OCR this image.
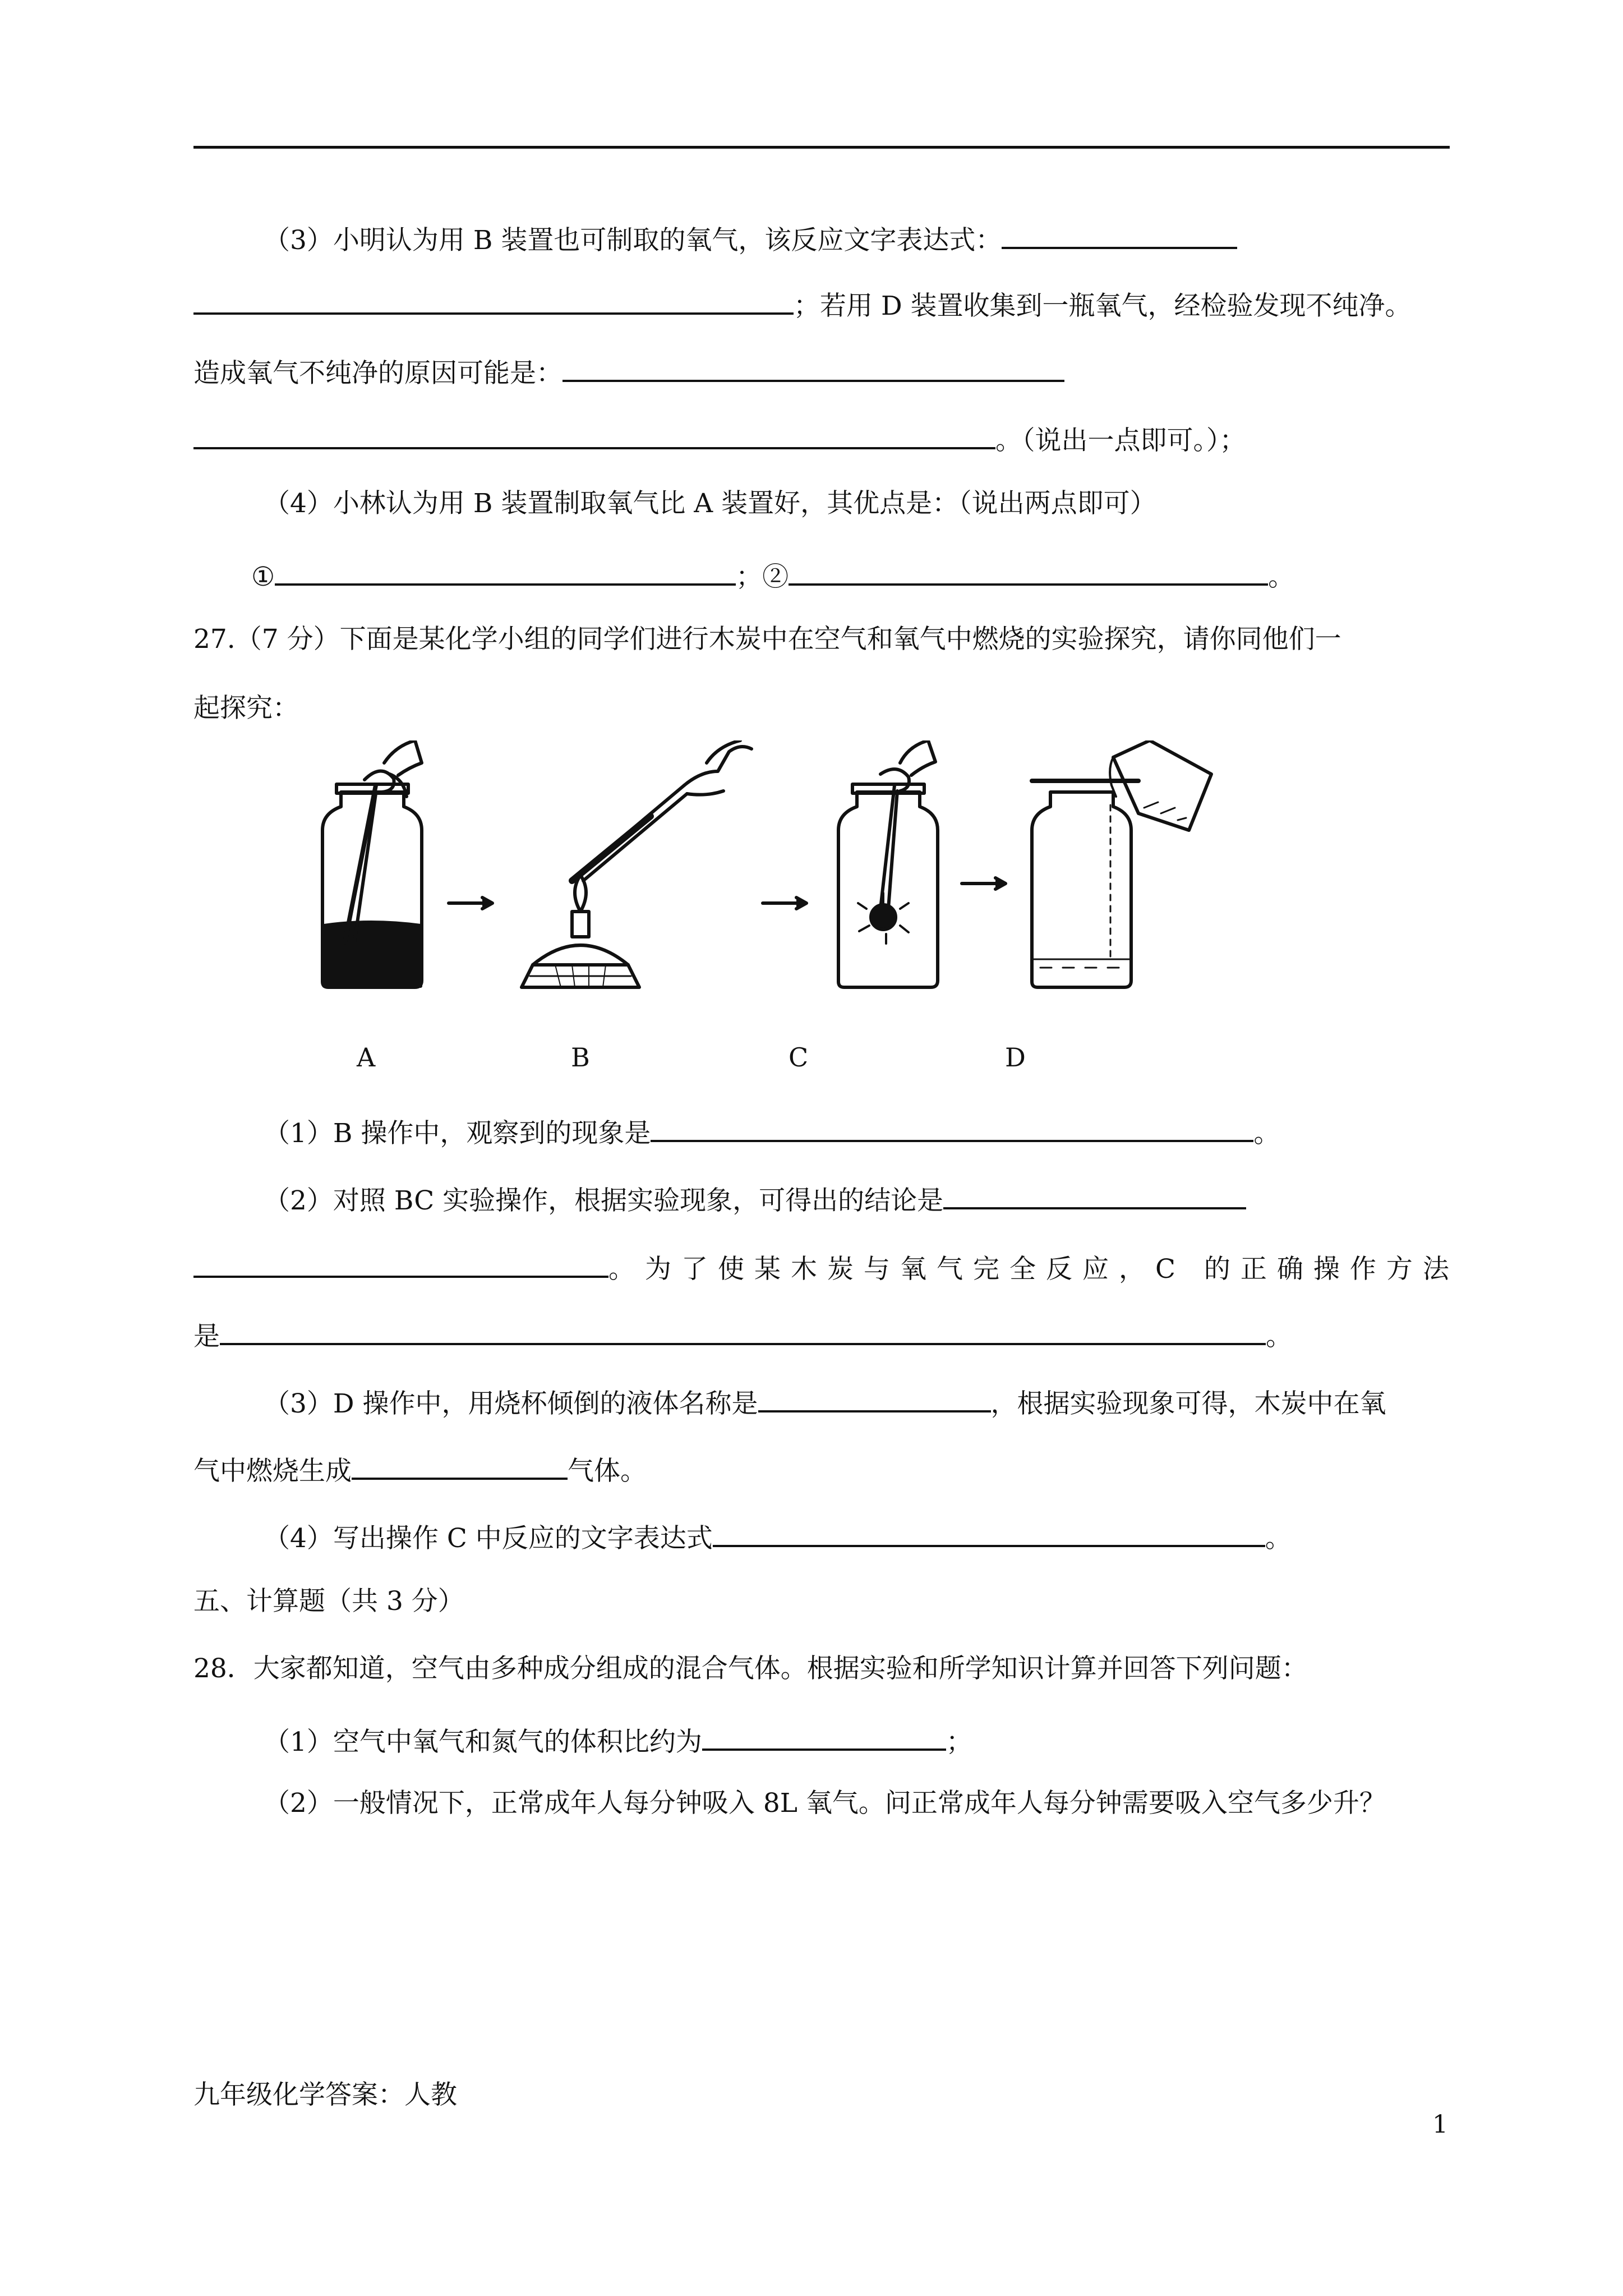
（3）小明认为用 B 装置也可制取的氧气，该反应文字表达式：
；若用 D 装置收集到一瓶氧气，经检验发现不纯净。
造成氧气不纯净的原因可能是：
。（说出一点即可。）；
（4）小林认为用 B 装置制取氧气比 A 装置好，其优点是：（说出两点即可）
①	；②	。
27.（7 分）下面是某化学小组的同学们进行木炭中在空气和氧气中燃烧的实验探究，请你同他们一
起探究：
A	B	C	D
（1）B 操作中，观察到的现象是	。
（2）对照 BC 实验操作，根据实验现象，可得出的结论是
。为了使某木炭与氧气完全反应，C 的正确操作方法
是	。
（3）D 操作中，用烧杯倾倒的液体名称是	，根据实验现象可得，木炭中在氧
气中燃烧生成	气体。
（4）写出操作 C 中反应的文字表达式	。
五、计算题（共 3 分）
28．大家都知道，空气由多种成分组成的混合气体。根据实验和所学知识计算并回答下列问题：
（1）空气中氧气和氮气的体积比约为	；
（2）一般情况下，正常成年人每分钟吸入 8L 氧气。问正常成年人每分钟需要吸入空气多少升？
九年级化学答案：人教
1
